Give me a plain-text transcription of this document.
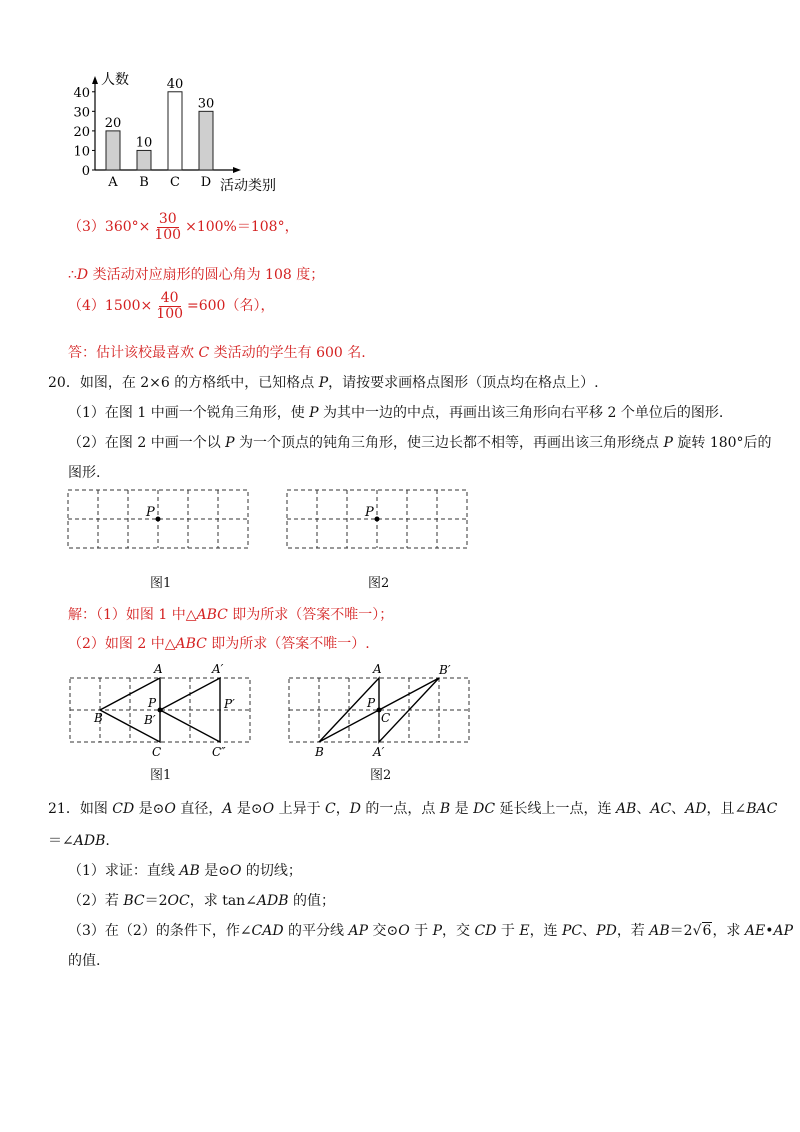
0
10
20
30
40
人数
活动类别
20
A
10
B
40
C
30
D
$(3)360^\circ\times \frac{30}{100} \times 100\%=108^\circ$，
∴D 类活动对应扇形的圆心角为 108 度；
$(4)1500\times \frac{40}{100} =600$（名），
答：估计该校最喜欢 C 类活动的学生有 600 名.
20．如图，在 2×6 的方格纸中，已知格点 P，请按要求画格点图形（顶点均在格点上）.
（1）在图 1 中画一个锐角三角形，使 P 为其中一边的中点，再画出该三角形向右平移 2 个单位后的图形.
（2）在图 2 中画一个以 P 为一个顶点的钝角三角形，使三边长都不相等，再画出该三角形绕点 P 旋转 180°后的
图形.
P	P
图1	图2
解：（1）如图 1 中△ABC 即为所求（答案不唯一）；
（2）如图 2 中△ABC 即为所求（答案不唯一）.
A
B
C
P
A′
B′
C″
P′
图1
A
B
C
P
B′
A′
图2
21．如图 CD 是⊙O 直径，A 是⊙O 上异于 C，D 的一点，点 B 是 DC 延长线上一点，连 AB、AC、AD，且∠BAC
＝∠ADB.
（1）求证：直线 AB 是⊙O 的切线；
（2）若 BC＝2OC，求 tan∠ADB 的值；
（3）在（2）的条件下，作∠CAD 的平分线 AP 交⊙O 于 P，交 CD 于 E，连 PC、PD，若 AB＝2√6，求 AE•AP
的值.
